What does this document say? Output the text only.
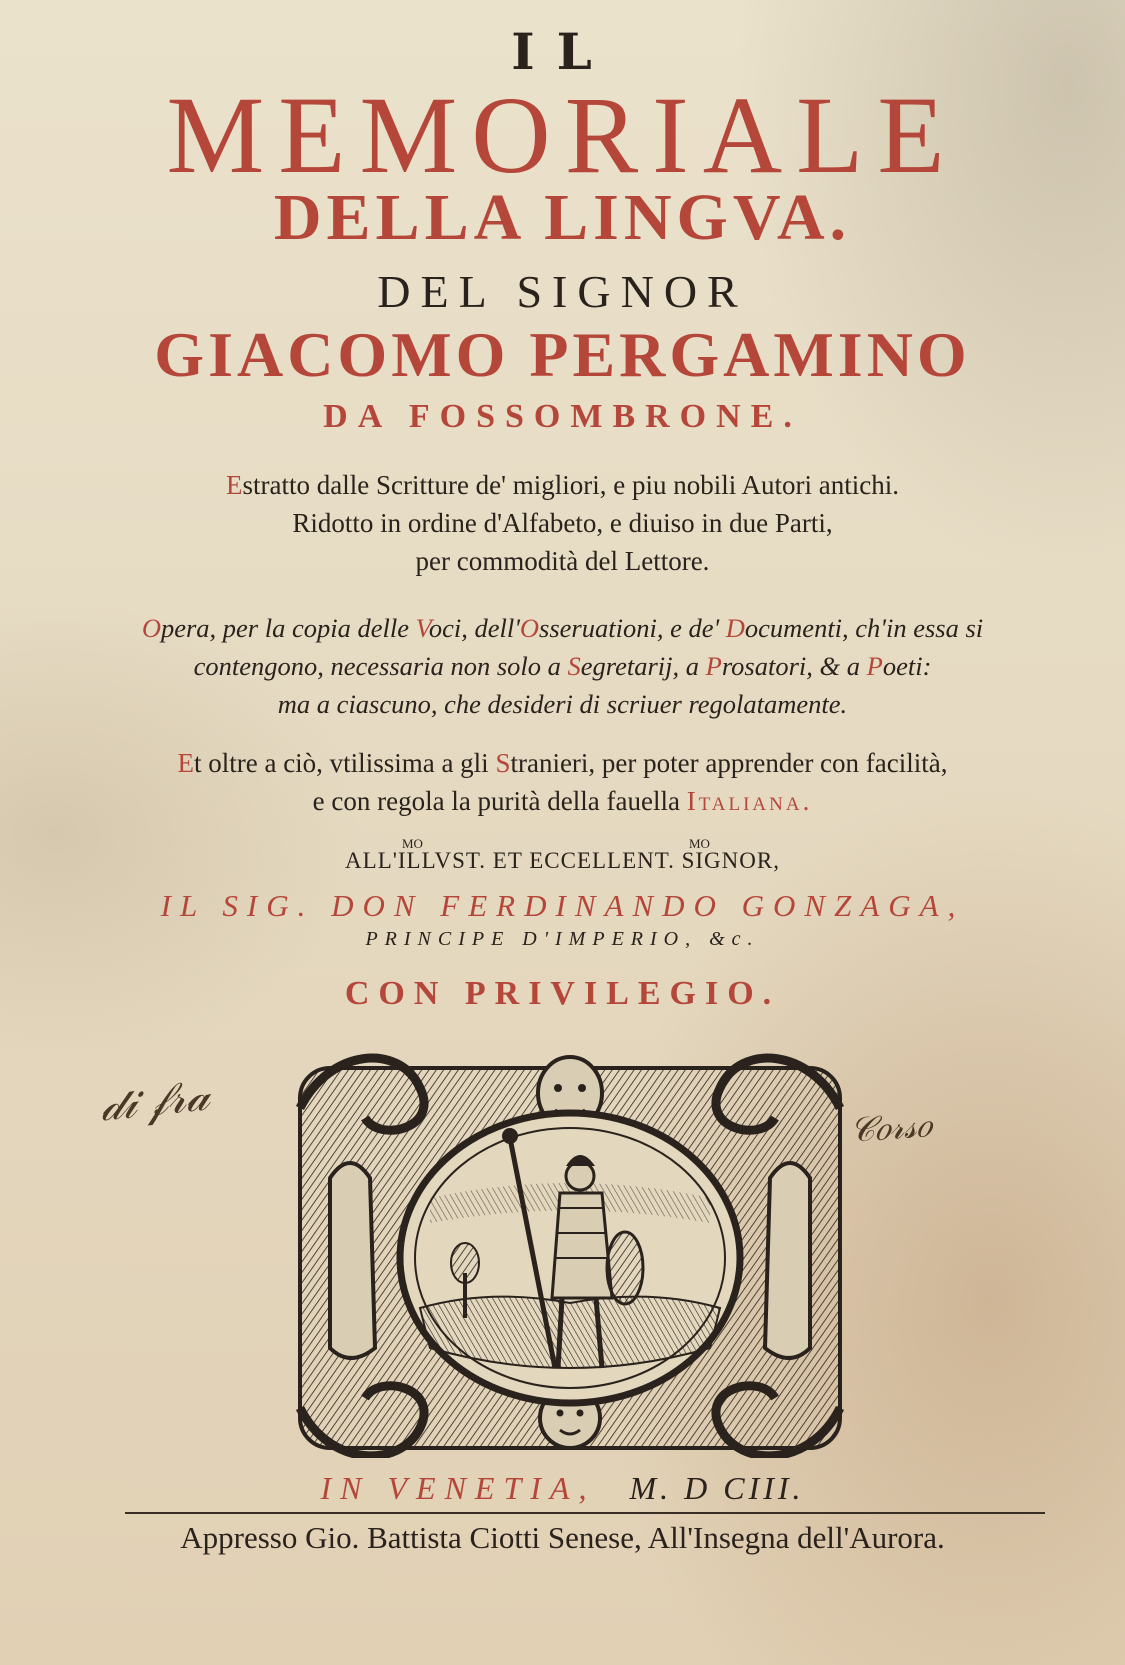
IL

MEMORIALE

DELLA LINGVA.

DEL SIGNOR

GIACOMO PERGAMINO

DA FOSSOMBRONE.

Estratto dalle Scritture de' migliori, e piu nobili Autori antichi.

Ridotto in ordine d'Alfabeto, e diuiso in due Parti,

per commodità del Lettore.

Opera, per la copia delle Voci, dell'Osseruationi, e de' Documenti, ch'in essa si

contengono, necessaria non solo a Segretarij, a Prosatori, & a Poeti:

ma a ciascuno, che desideri di scriuer regolatamente.

Et oltre a ciò, vtilissima a gli Stranieri, per poter apprender con facilità,

e con regola la purità della fauella Italiana.

MO	MO

ALL'ILLVST. ET ECCELLENT. SIGNOR,

IL SIG. DON FERDINANDO GONZAGA,

PRINCIPE D'IMPERIO, &c.

CON PRIVILEGIO.

𝒹𝒾 𝒻𝓇𝒶	𝒞𝑜𝓇𝓈𝑜

IN VENETIA, M. D CIII.

Appresso Gio. Battista Ciotti Senese, All'Insegna dell'Aurora.
